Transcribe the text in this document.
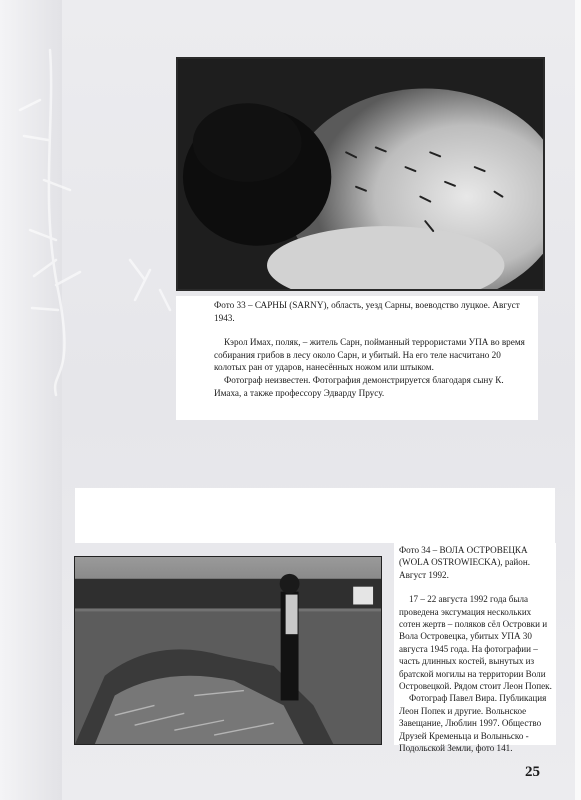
Фото 33 – САРНЫ (SARNY), область, уезд Сарны, воеводство луцкое. Август 1943.

Кэрол Имах, поляк, – житель Сарн, пойманный террористами УПА во время собирания грибов в лесу около Сарн, и убитый. На его теле насчитано 20 колотых ран от ударов, нанесённых ножом или штыком.

Фотограф неизвестен. Фотография демонстрируется благодаря сыну К. Имаха, а также профессору Эдварду Прусу.

Фото 34 – ВОЛА ОСТРОВЕЦКА (WOLA OSTROWIECKA), район. Август 1992.

17 – 22 августа 1992 года была проведена эксгумация нескольких сотен жертв – поляков сёл Островки и Вола Островецка, убитых УПА 30 августа 1945 года. На фотографии – часть длинных костей, вынутых из братской могилы на территории Воли Островецкой. Рядом стоит Леон Попек.

Фотограф Павел Вира. Публикация Леон Попек и другие. Вольнское Завещание, Люблин 1997. Общество Друзей Кременьца и Волыньско - Подольской Земли, фото 141.

25
